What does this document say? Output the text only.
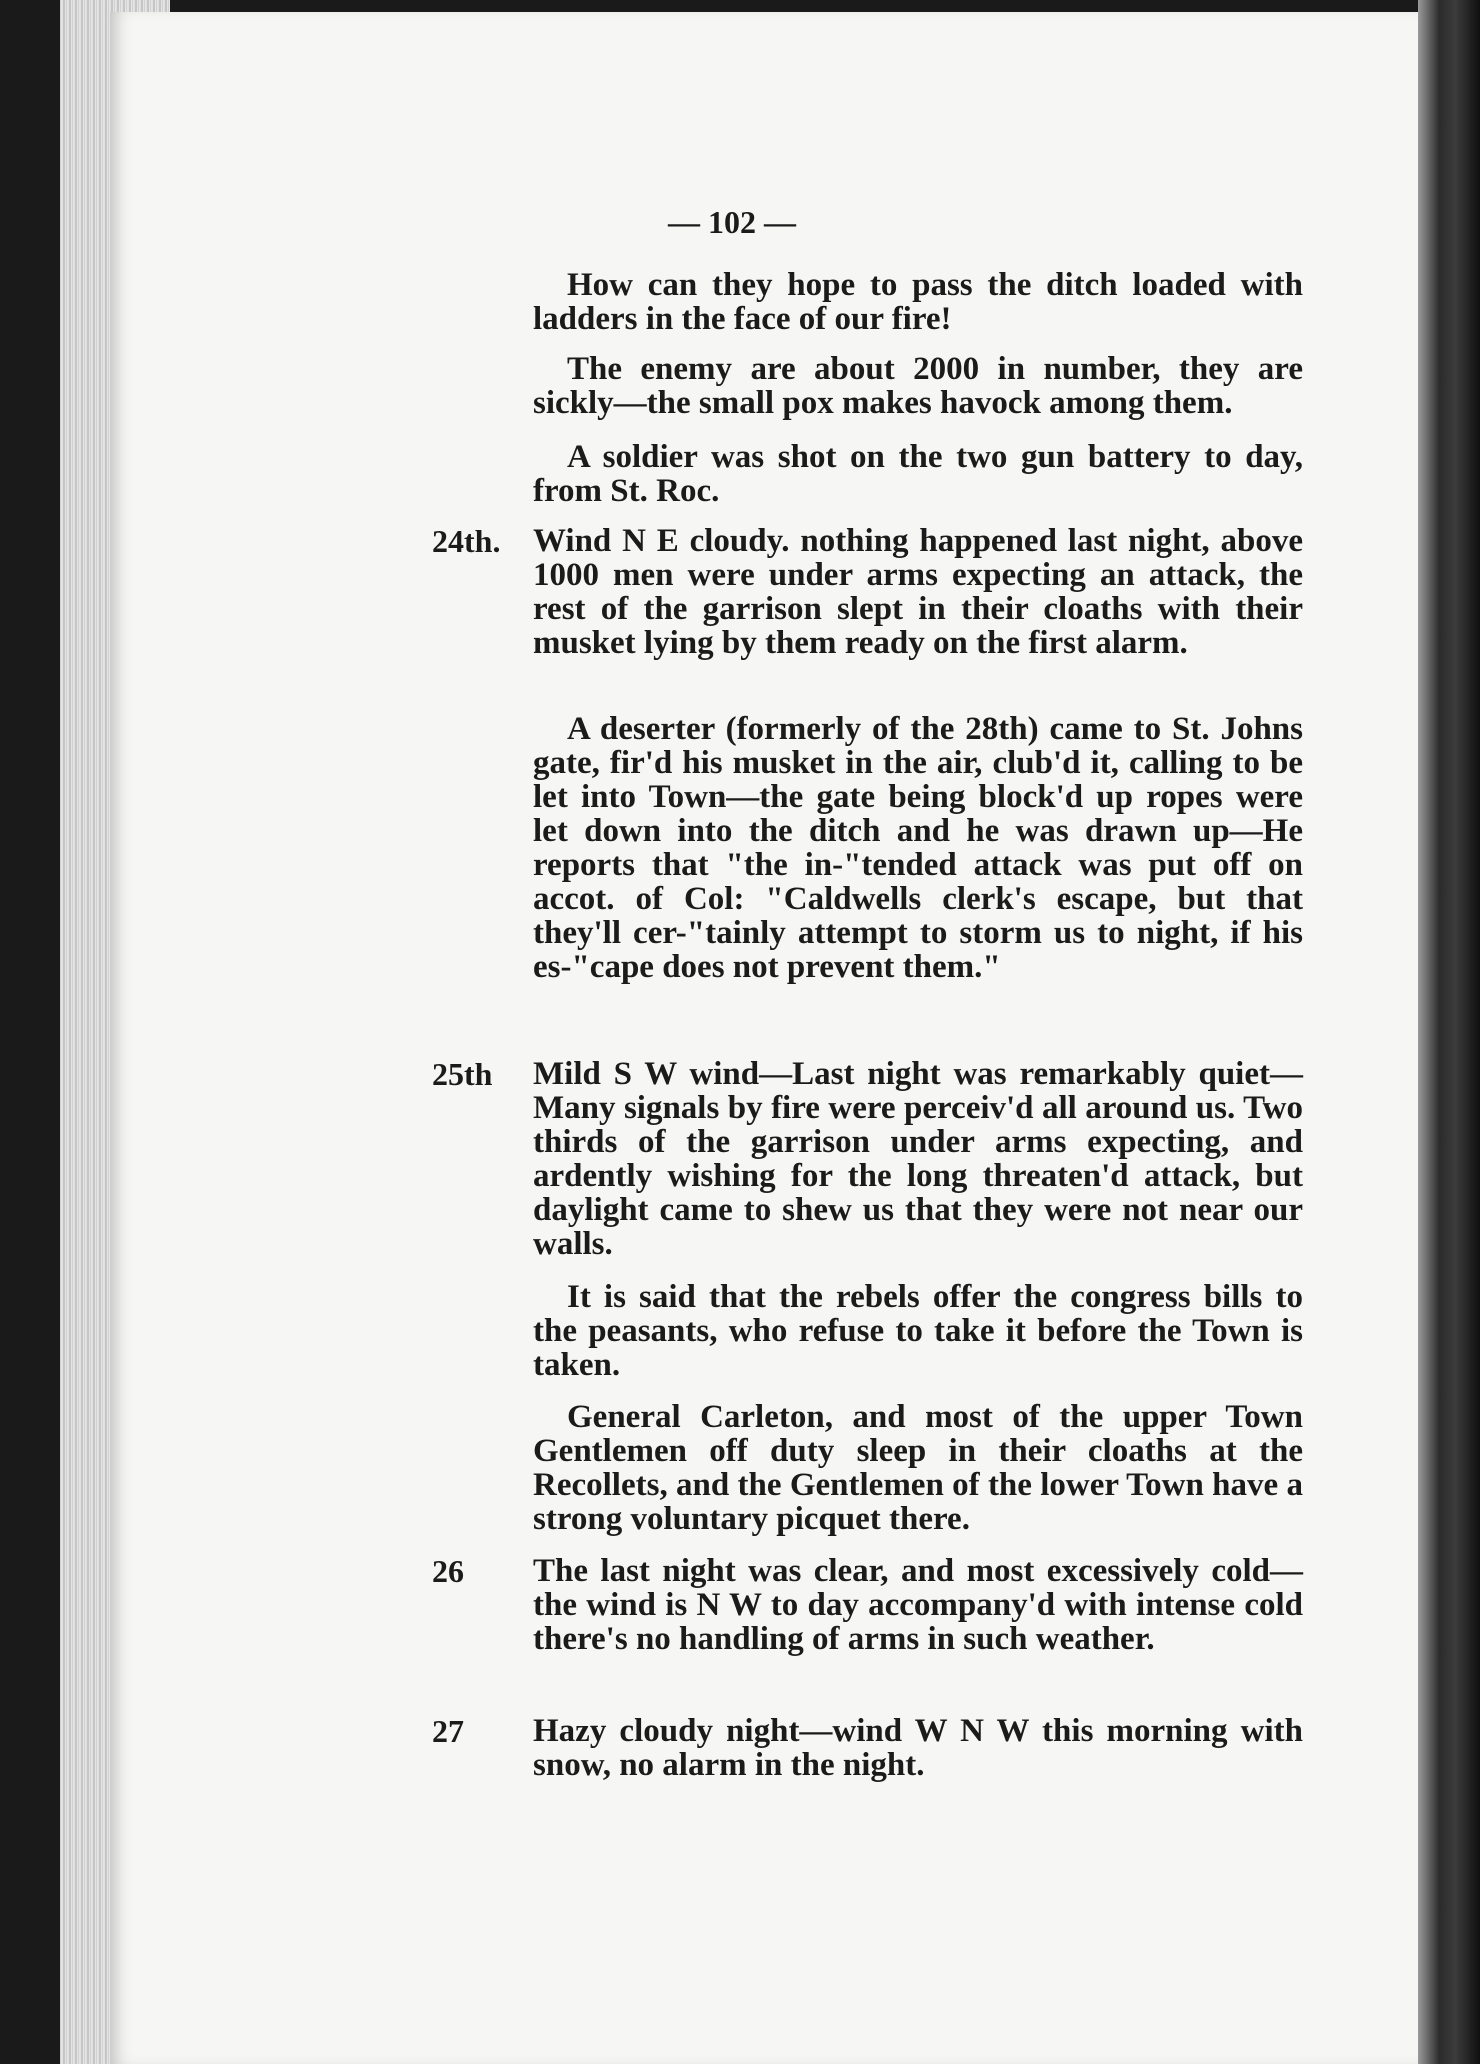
— 102 —

How can they hope to pass the ditch loaded with ladders in the face of our fire!

The enemy are about 2000 in number, they are sickly—the small pox makes havock among them.

A soldier was shot on the two gun battery to day, from St. Roc.

24th. Wind N E cloudy. nothing happened last night, above 1000 men were under arms expecting an attack, the rest of the garrison slept in their cloaths with their musket lying by them ready on the first alarm.

A deserter (formerly of the 28th) came to St. Johns gate, fir'd his musket in the air, club'd it, calling to be let into Town—the gate being block'd up ropes were let down into the ditch and he was drawn up—He reports that "the in-"tended attack was put off on accot. of Col: "Caldwells clerk's escape, but that they'll cer-"tainly attempt to storm us to night, if his es-"cape does not prevent them."

25th Mild S W wind—Last night was remarkably quiet—Many signals by fire were perceiv'd all around us. Two thirds of the garrison under arms expecting, and ardently wishing for the long threaten'd attack, but daylight came to shew us that they were not near our walls.

It is said that the rebels offer the congress bills to the peasants, who refuse to take it before the Town is taken.

General Carleton, and most of the upper Town Gentlemen off duty sleep in their cloaths at the Recollets, and the Gentlemen of the lower Town have a strong voluntary picquet there.

26 The last night was clear, and most excessively cold—the wind is N W to day accompany'd with intense cold there's no handling of arms in such weather.

27 Hazy cloudy night—wind W N W this morning with snow, no alarm in the night.
